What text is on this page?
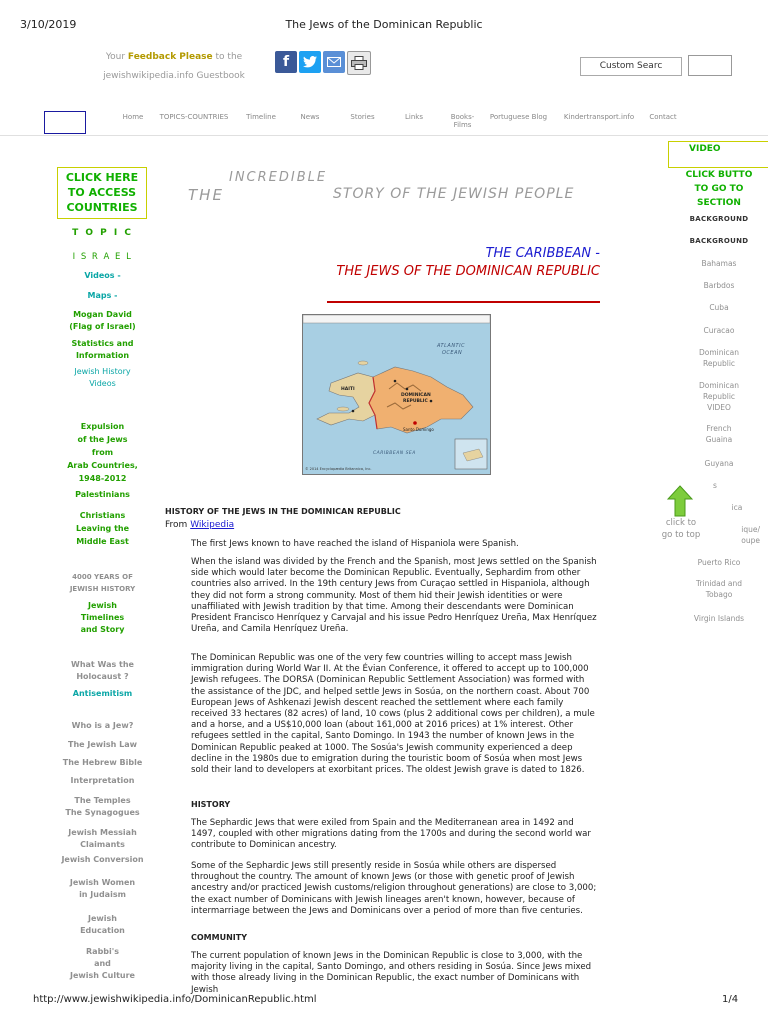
3/10/2019	The Jews of the Dominican Republic
Your Feedback Please to the
jewishwikipedia.info Guestbook
f	Custom Searc
Home	TOPICS-COUNTRIES	Timeline	News	Stories	Links	Books- Films
Portuguese Blog	Kindertransport.info	Contact
CLICK HERE
TO ACCESS
COUNTRIES
T O P I C
I S R A E L
Videos -
Maps -
Mogan David
(Flag of Israel)
Statistics and
Information
Jewish History
Videos
Expulsion
of the Jews
from
Arab Countries,
1948-2012
Palestinians
Christians
Leaving the
Middle East
4000 YEARS OF
JEWISH HISTORY
Jewish
Timelines
and Story
What Was the
Holocaust ?
Antisemitism
Who is a Jew?
The Jewish Law
The Hebrew Bible
Interpretation
The Temples
The Synagogues
Jewish Messiah
Claimants
Jewish Conversion
Jewish Women
in Judaism
Jewish
Education
Rabbi's
and
Jewish Culture
THE
INCREDIBLE
STORY OF THE JEWISH PEOPLE
THE CARIBBEAN -
THE JEWS OF THE DOMINICAN REPUBLIC
ATLANTIC
OCEAN
DOMINICAN
REPUBLIC
HAITI
CARIBBEAN SEA
Santo Domingo
© 2014 Encyclopædia Britannica, Inc.
HISTORY OF THE JEWS IN THE DOMINICAN REPUBLIC
From Wikipedia
The first Jews known to have reached the island of Hispaniola were Spanish.
When the island was divided by the French and the Spanish, most Jews settled on the Spanish side which would later become the Dominican Republic. Eventually, Sephardim from other countries also arrived. In the 19th century Jews from Curaçao settled in Hispaniola, although they did not form a strong community. Most of them hid their Jewish identities or were unaffiliated with Jewish tradition by that time. Among their descendants were Dominican President Francisco Henríquez y Carvajal and his issue Pedro Henríquez Ureña, Max Henríquez Ureña, and Camila Henríquez Ureña.
The Dominican Republic was one of the very few countries willing to accept mass Jewish immigration during World War II. At the Évian Conference, it offered to accept up to 100,000 Jewish refugees. The DORSA (Dominican Republic Settlement Association) was formed with the assistance of the JDC, and helped settle Jews in Sosúa, on the northern coast. About 700 European Jews of Ashkenazi Jewish descent reached the settlement where each family received 33 hectares (82 acres) of land, 10 cows (plus 2 additional cows per children), a mule and a horse, and a US$10,000 loan (about 161,000 at 2016 prices) at 1% interest. Other refugees settled in the capital, Santo Domingo. In 1943 the number of known Jews in the Dominican Republic peaked at 1000. The Sosúa's Jewish community experienced a deep decline in the 1980s due to emigration during the touristic boom of Sosúa when most Jews sold their land to developers at exorbitant prices. The oldest Jewish grave is dated to 1826.
HISTORY
The Sephardic Jews that were exiled from Spain and the Mediterranean area in 1492 and 1497, coupled with other migrations dating from the 1700s and during the second world war contribute to Dominican ancestry.
Some of the Sephardic Jews still presently reside in Sosúa while others are dispersed throughout the country. The amount of known Jews (or those with genetic proof of Jewish ancestry and/or practiced Jewish customs/religion throughout generations) are close to 3,000; the exact number of Dominicans with Jewish lineages aren't known, however, because of intermarriage between the Jews and Dominicans over a period of more than five centuries.
COMMUNITY
The current population of known Jews in the Dominican Republic is close to 3,000, with the majority living in the capital, Santo Domingo, and others residing in Sosúa. Since Jews mixed with those already living in the Dominican Republic, the exact number of Dominicans with Jewish
VIDEO
CLICK BUTTO
TO GO TO
SECTION
BACKGROUND
BACKGROUND
Bahamas
Barbdos
Cuba
Curacao
Dominican
Republic
Dominican
Republic
VIDEO
French
Guaina
Guyana
s
ica
ique/
oupe
Puerto Rico
Trinidad and
Tobago
Virgin Islands
click to
go to top
http://www.jewishwikipedia.info/DominicanRepublic.html	1/4
